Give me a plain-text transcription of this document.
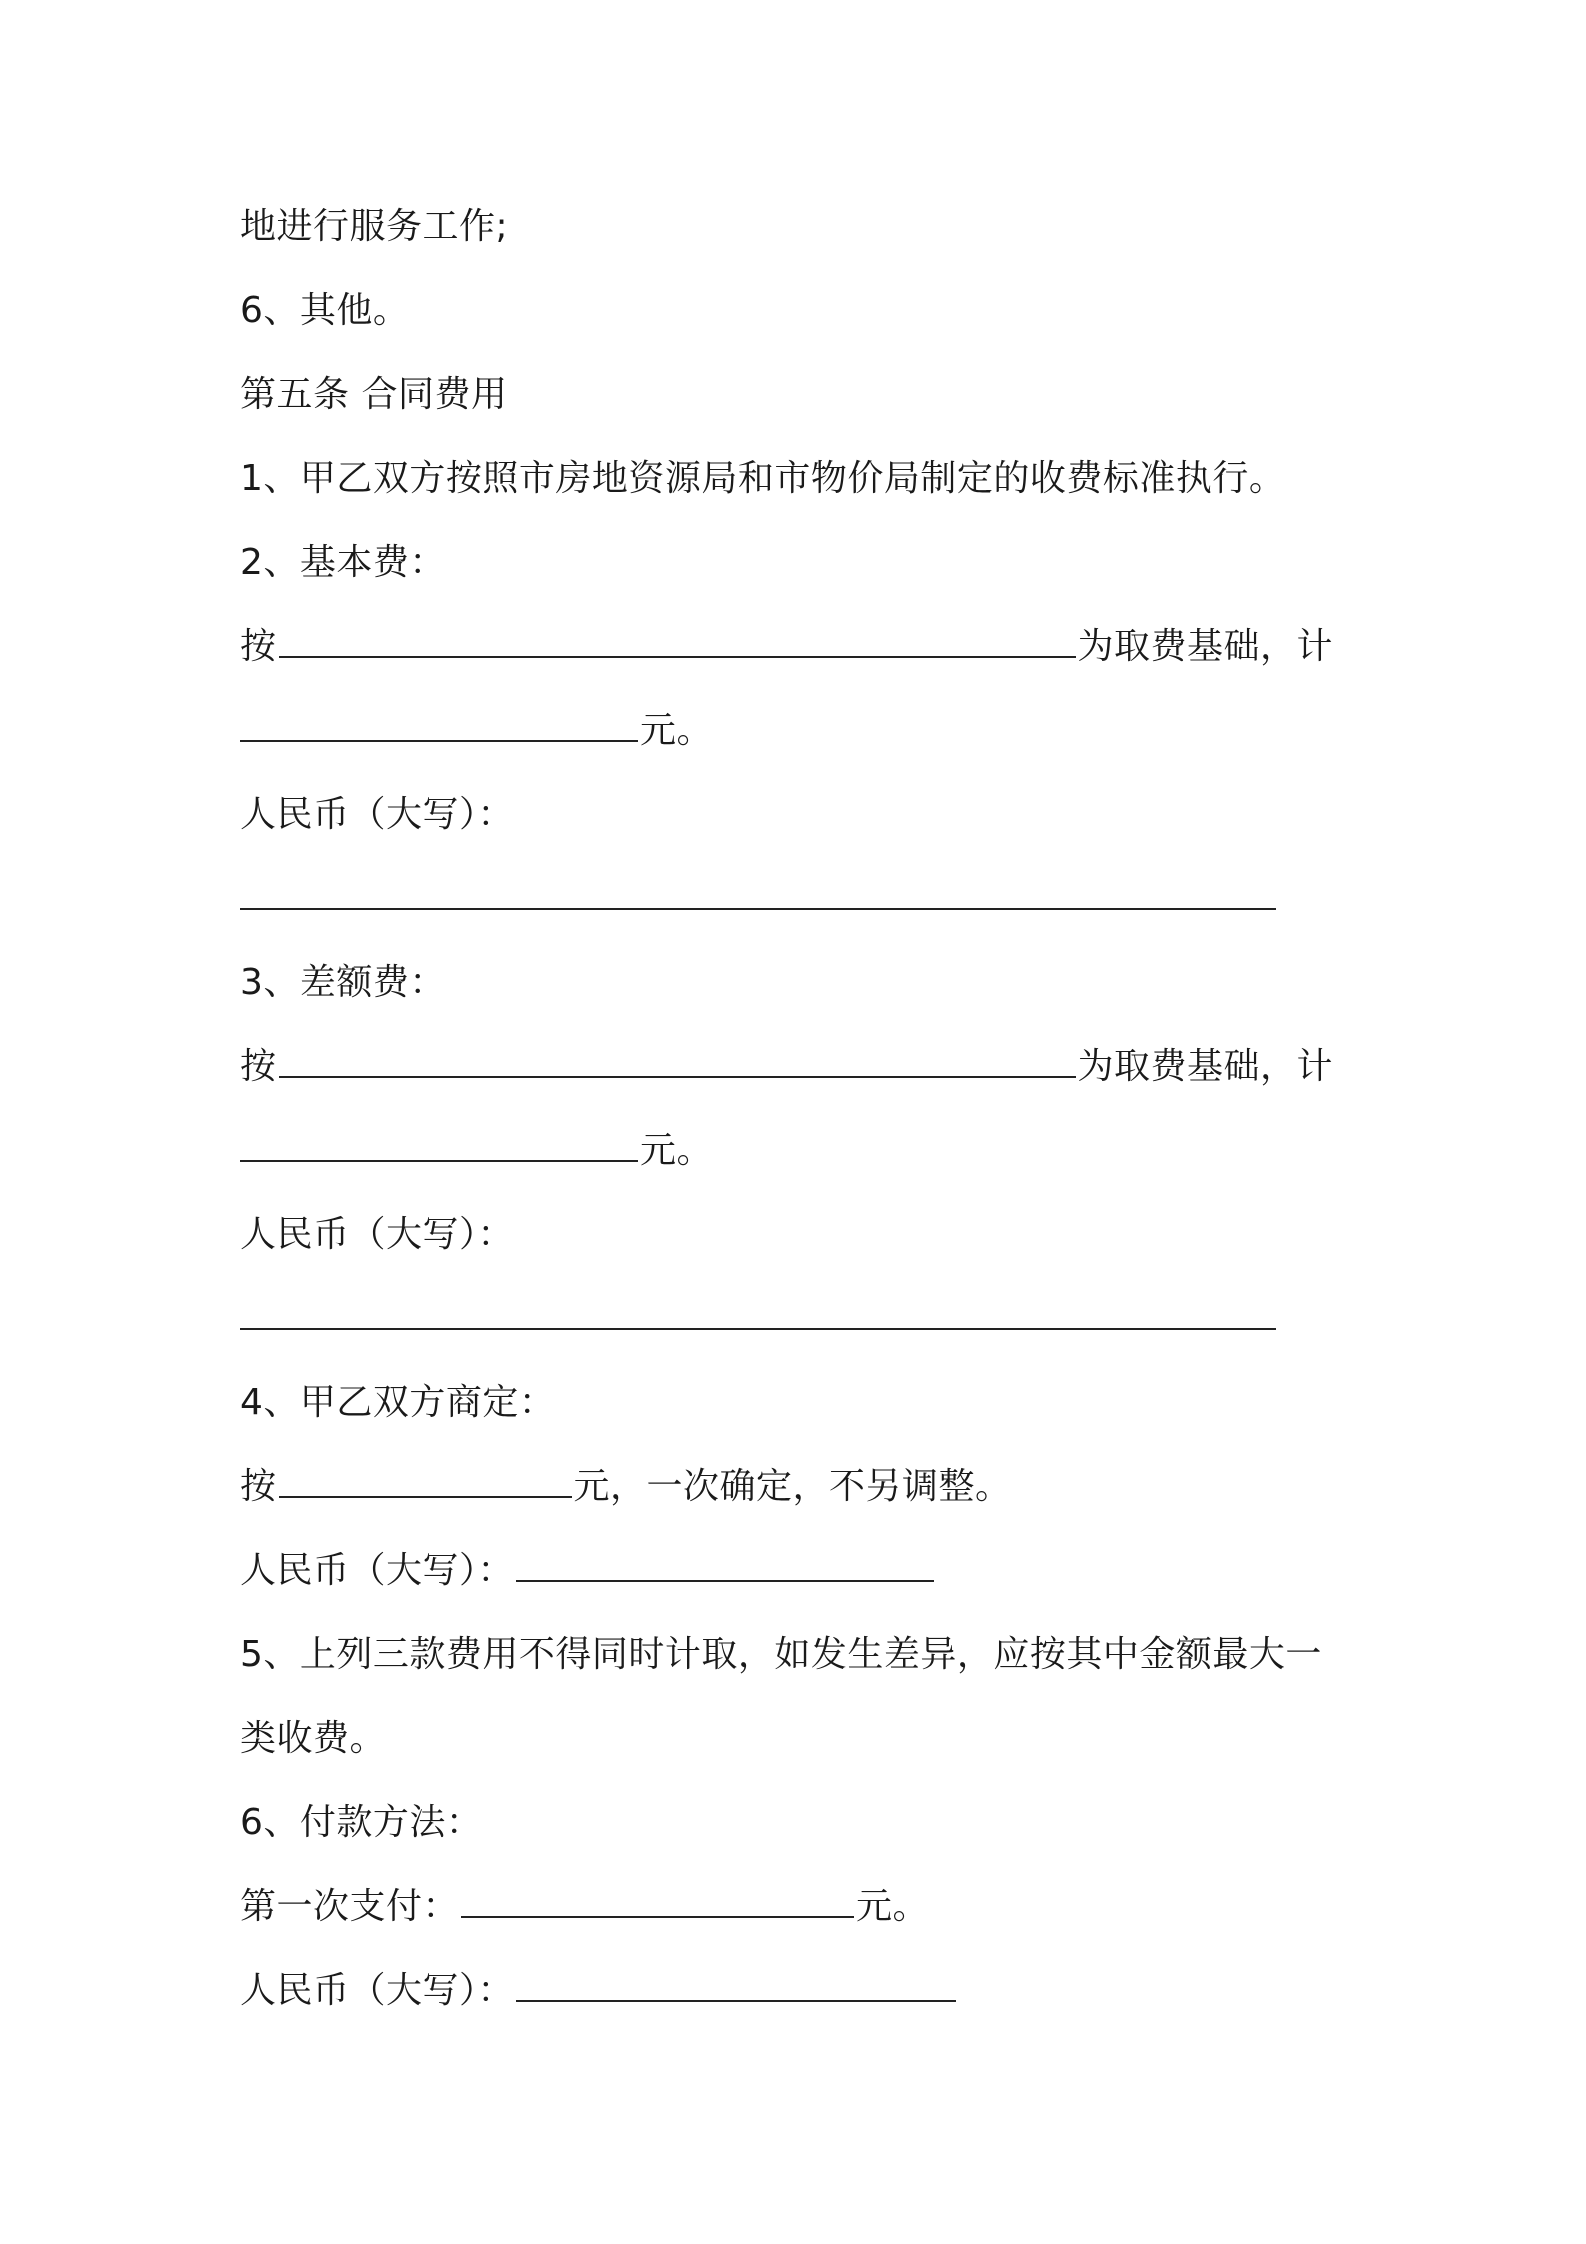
地进行服务工作;

6、其他。

第五条 合同费用

1、甲乙双方按照市房地资源局和市物价局制定的收费标准执行。

2、基本费：

按	为取费基础，计

元。

人民币（大写）：

3、差额费：

按	为取费基础，计

元。

人民币（大写）：

4、甲乙双方商定：

按	元，一次确定，不另调整。

人民币（大写）：

5、上列三款费用不得同时计取，如发生差异，应按其中金额最大一

类收费。

6、付款方法：

第一次支付：	元。

人民币（大写）：
